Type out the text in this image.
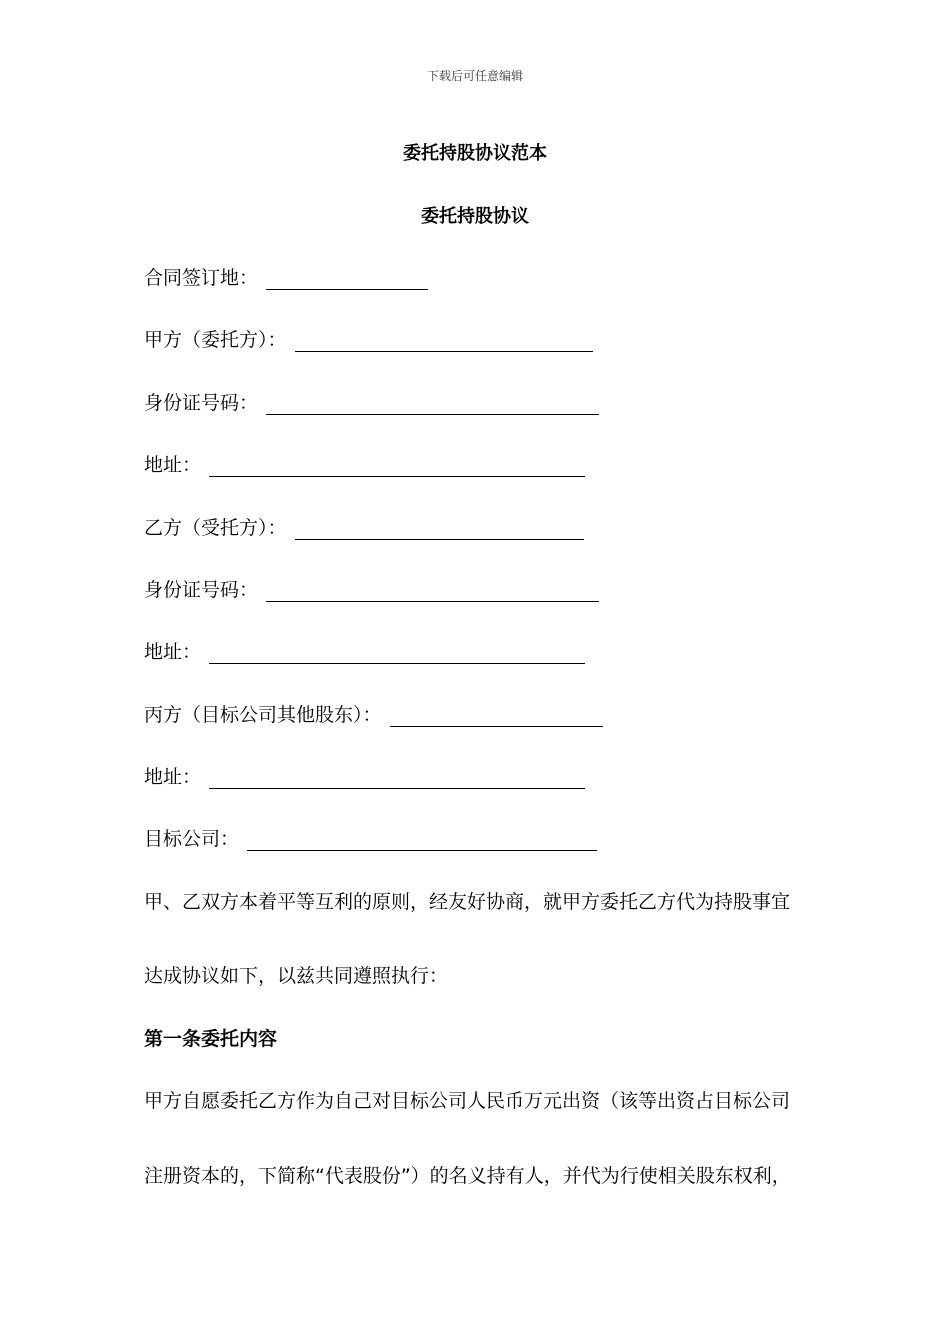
下载后可任意编辑
委托持股协议范本
委托持股协议
合同签订地：
甲方（委托方）：
身份证号码：
地址：
乙方（受托方）：
身份证号码：
地址：
丙方（目标公司其他股东）：
地址：
目标公司：
甲、乙双方本着平等互利的原则，经友好协商，就甲方委托乙方代为持股事宜
达成协议如下，以兹共同遵照执行：
第一条委托内容
甲方自愿委托乙方作为自己对目标公司人民币万元出资（该等出资占目标公司
注册资本的，下简称“代表股份”）的名义持有人，并代为行使相关股东权利，
